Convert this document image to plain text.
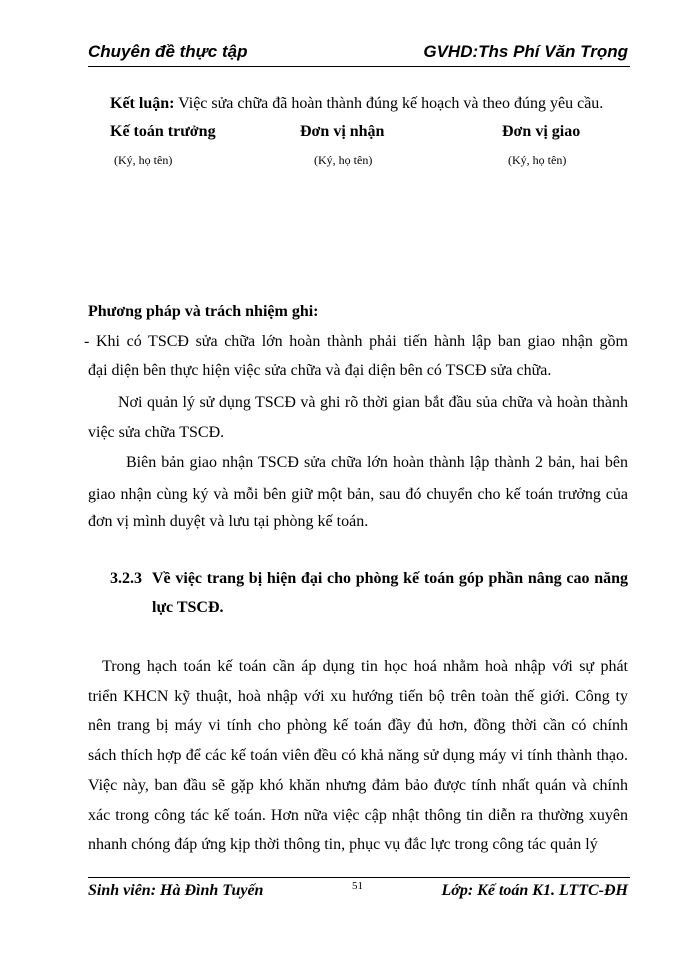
Chuyên đề thực tập	GVHD:Ths Phí Văn Trọng
Kết luận: Việc sửa chữa đã hoàn thành đúng kế hoạch và theo đúng yêu cầu.
Kế toán trưởng	Đơn vị nhận	Đơn vị giao
(Ký, họ tên)	(Ký, họ tên)	(Ký, họ tên)
Phương pháp và trách nhiệm ghi:
- Khi có TSCĐ sửa chữa lớn hoàn thành phải tiến hành lập ban giao nhận gồm
đại diện bên thực hiện việc sửa chữa và đại diện bên có TSCĐ sửa chữa.
Nơi quản lý sử dụng TSCĐ và ghi rõ thời gian bắt đầu sủa chữa và hoàn thành
việc sửa chữa TSCĐ.
Biên bản giao nhận TSCĐ sửa chữa lớn hoàn thành lập thành 2 bản, hai bên
giao nhận cùng ký và mỗi bên giữ một bản, sau đó chuyển cho kế toán trưởng của
đơn vị mình duyệt và lưu tại phòng kế toán.
3.2.3 Về việc trang bị hiện đại cho phòng kế toán góp phần nâng cao năng
lực TSCĐ.
Trong hạch toán kế toán cần áp dụng tin học hoá nhằm hoà nhập với sự phát
triển KHCN kỹ thuật, hoà nhập với xu hướng tiến bộ trên toàn thế giới. Công ty
nên trang bị máy vi tính cho phòng kế toán đầy đủ hơn, đồng thời cần có chính
sách thích hợp để các kế toán viên đều có khả năng sử dụng máy vi tính thành thạo.
Việc này, ban đầu sẽ gặp khó khăn nhưng đảm bảo được tính nhất quán và chính
xác trong công tác kế toán. Hơn nữa việc cập nhật thông tin diễn ra thường xuyên
nhanh chóng đáp ứng kịp thời thông tin, phục vụ đắc lực trong công tác quản lý
Sinh viên: Hà Đình Tuyến	51	Lớp: Kế toán K1. LTTC-ĐH
